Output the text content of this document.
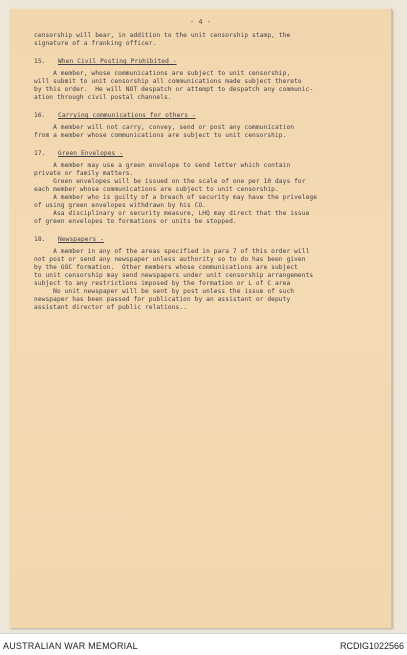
- 4 -
censorship will bear, in addition to the unit censorship stamp, the
signature of a franking officer.
15. When Civil Posting Prohibited -
A member, whose communications are subject to unit censorship,
will submit to unit censorship all communications made subject thereto
by this order.  He will NOT despatch or attempt to despatch any communic-
ation through civil postal channels.
16. Carrying communications for others -
A member will not carry, convey, send or post any communication
from a member whose communications are subject to unit censorship.
17. Green Envelopes -
A member may use a green envelope to send letter which contain
private or family matters.
Green envelopes will be issued on the scale of one per 10 days for
each member whose communications are subject to unit censorship.
A member who is guilty of a breach of security may have the privelege
of using green envelopes withdrawn by his CO.
Asa disciplinary or security measure, LHQ may direct that the issue
of green envelopes to formations or units be stopped.
18. Newspapers -
A member in any of the areas specified in para 7 of this order will
not post or send any newspaper unless authority so to do has been given
by the GOC formation.  Other members whose communications are subject
to unit censorship may send newspapers under unit censorship arrangements
subject to any restrictions imposed by the formation or L of C area
No unit newspaper will be sent by post unless the issue of such
newspaper has been passed for publication by an assistant or deputy
assistant director of public relations..
AUSTRALIAN WAR MEMORIAL	RCDIG1022566
